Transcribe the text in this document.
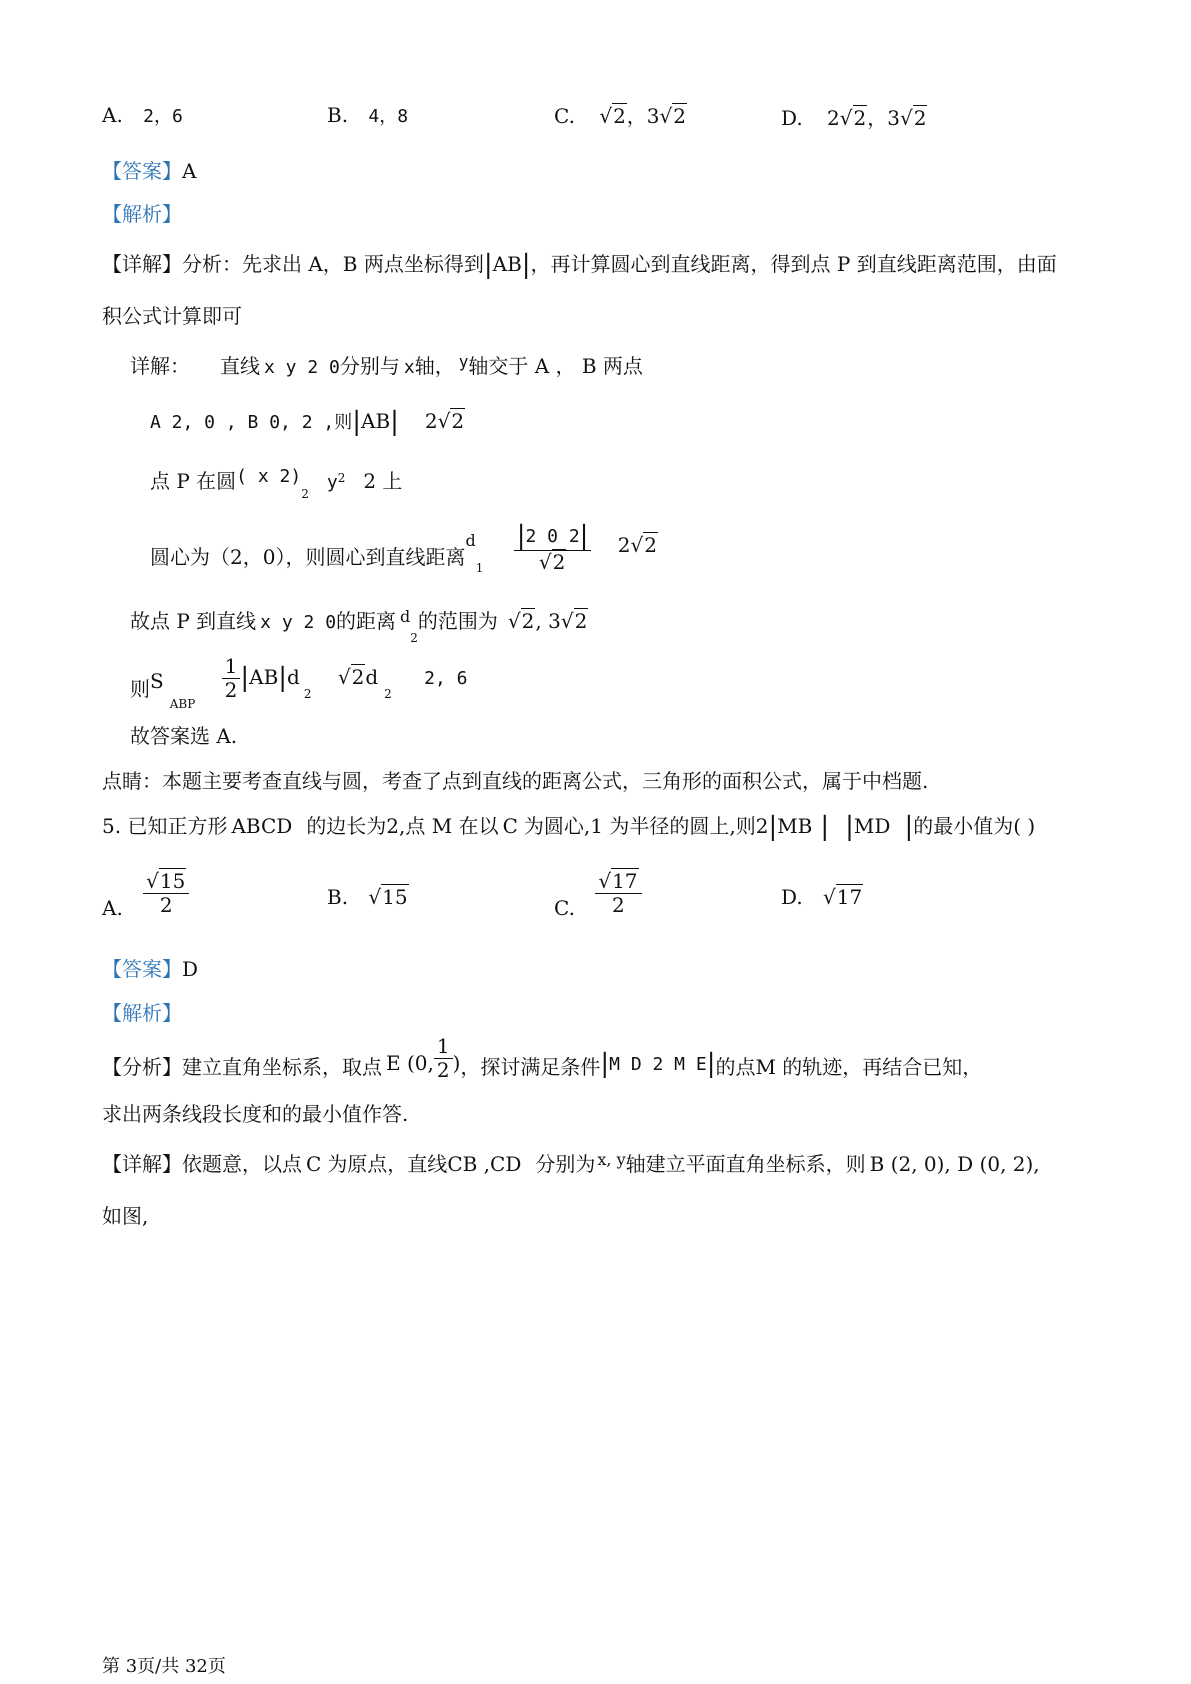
A. 2，6	B. 4，8	C. √2，3√2	D. 2√2，3√2
【答案】A
【解析】
【详解】分析：先求出 A，B 两点坐标得到|AB|，再计算圆心到直线距离，得到点 P 到直线距离范围，由面
积公式计算即可
详解： 直线 x y 2 0分别与 x轴， $^y$轴交于 A ， B 两点
A 2, 0 , B 0, 2 ,则|AB| 2√2
点 P 在圆( x $2)_2y^2$ 2 上
圆心为（2，0），则圆心到直线距离$^d_1 \frac{|2 0 2|}{√2} 2√2$
故点 P 到直线 x y 2 0的距离 $^d_2$的范围为 √2, 3√2
则$S_{ABP}$
$\frac{1}{2} |AB|d_2$ $√2d_2$ 2, 6
故答案选 A.
点睛：本题主要考查直线与圆，考查了点到直线的距离公式，三角形的面积公式，属于中档题.
5. 已知正方形 ABCD 的边长为2,点 M 在以 C 为圆心,1 为半径的圆上,则2|MB | |MD |的最小值为( )
A. $\frac{√15}{2}$	B. √15	C. $\frac{√17}{2}$	D. √17
【答案】D
【解析】
【分析】建立直角坐标系，取点 E (0, $\frac{1}{2}$ )，探讨满足条件|M D 2 M E|的点M 的轨迹，再结合已知，
求出两条线段长度和的最小值作答.
【详解】依题意，以点 C 为原点，直线CB ,CD 分别为 $^{x, y}$轴建立平面直角坐标系，则 B (2, 0), D (0, 2),
如图,
第 3页/共 32页
